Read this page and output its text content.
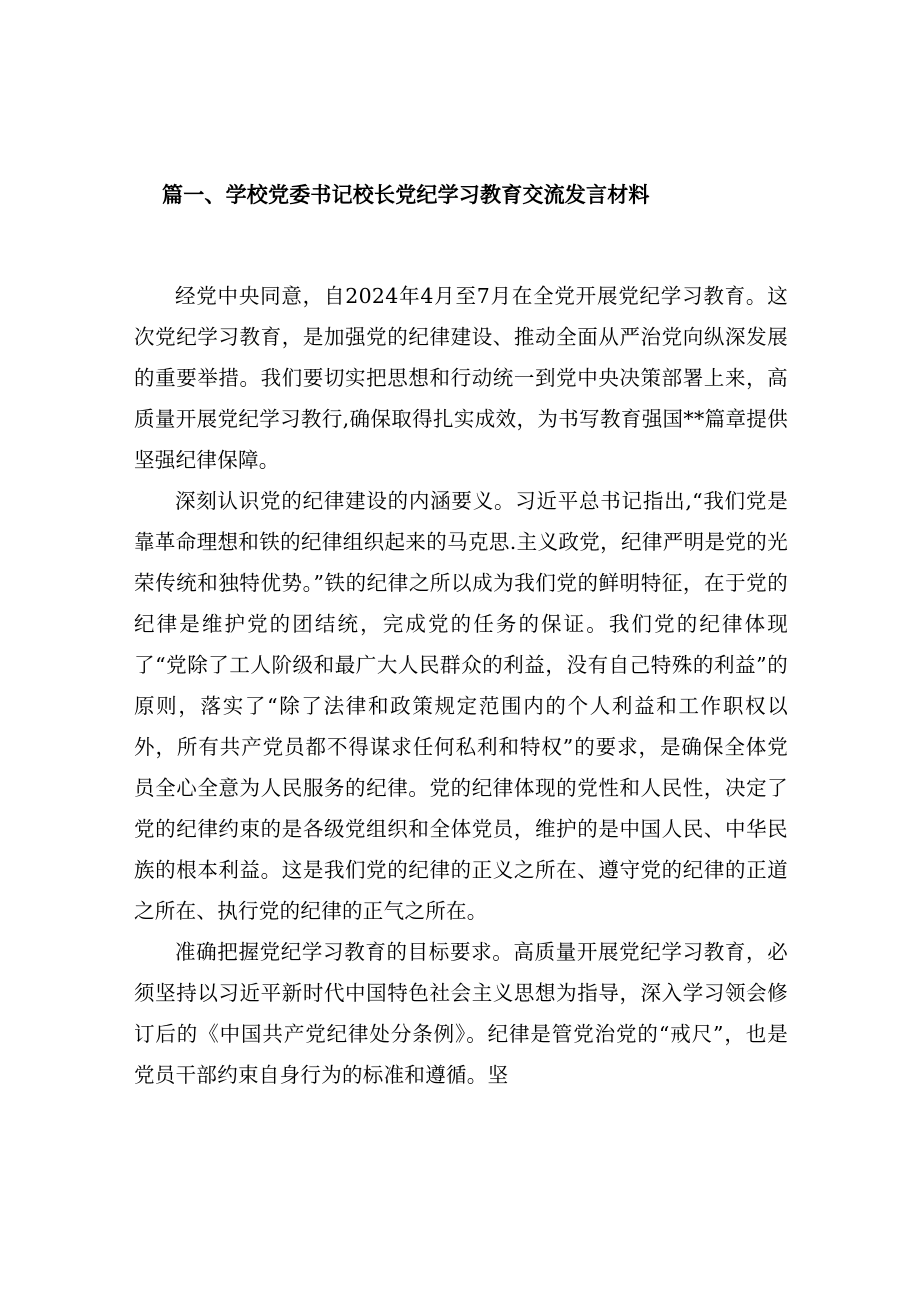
篇一、学校党委书记校长党纪学习教育交流发言材料

经党中央同意，自2024年4月至7月在全党开展党纪学习教育。这次党纪学习教育，是加强党的纪律建设、推动全面从严治党向纵深发展的重要举措。我们要切实把思想和行动统一到党中央决策部署上来，高质量开展党纪学习教行,确保取得扎实成效，为书写教育强国**篇章提供坚强纪律保障。

深刻认识党的纪律建设的内涵要义。习近平总书记指出,“我们党是靠革命理想和铁的纪律组织起来的马克思.主义政党，纪律严明是党的光荣传统和独特优势。”铁的纪律之所以成为我们党的鲜明特征，在于党的纪律是维护党的团结统，完成党的任务的保证。我们党的纪律体现了“党除了工人阶级和最广大人民群众的利益，没有自己特殊的利益”的原则，落实了“除了法律和政策规定范围内的个人利益和工作职权以外，所有共产党员都不得谋求任何私利和特权”的要求，是确保全体党员全心全意为人民服务的纪律。党的纪律体现的党性和人民性，决定了党的纪律约束的是各级党组织和全体党员，维护的是中国人民、中华民族的根本利益。这是我们党的纪律的正义之所在、遵守党的纪律的正道之所在、执行党的纪律的正气之所在。

准确把握党纪学习教育的目标要求。高质量开展党纪学习教育，必须坚持以习近平新时代中国特色社会主义思想为指导，深入学习领会修订后的《中国共产党纪律处分条例》。纪律是管党治党的“戒尺”，也是党员干部约束自身行为的标准和遵循。坚
